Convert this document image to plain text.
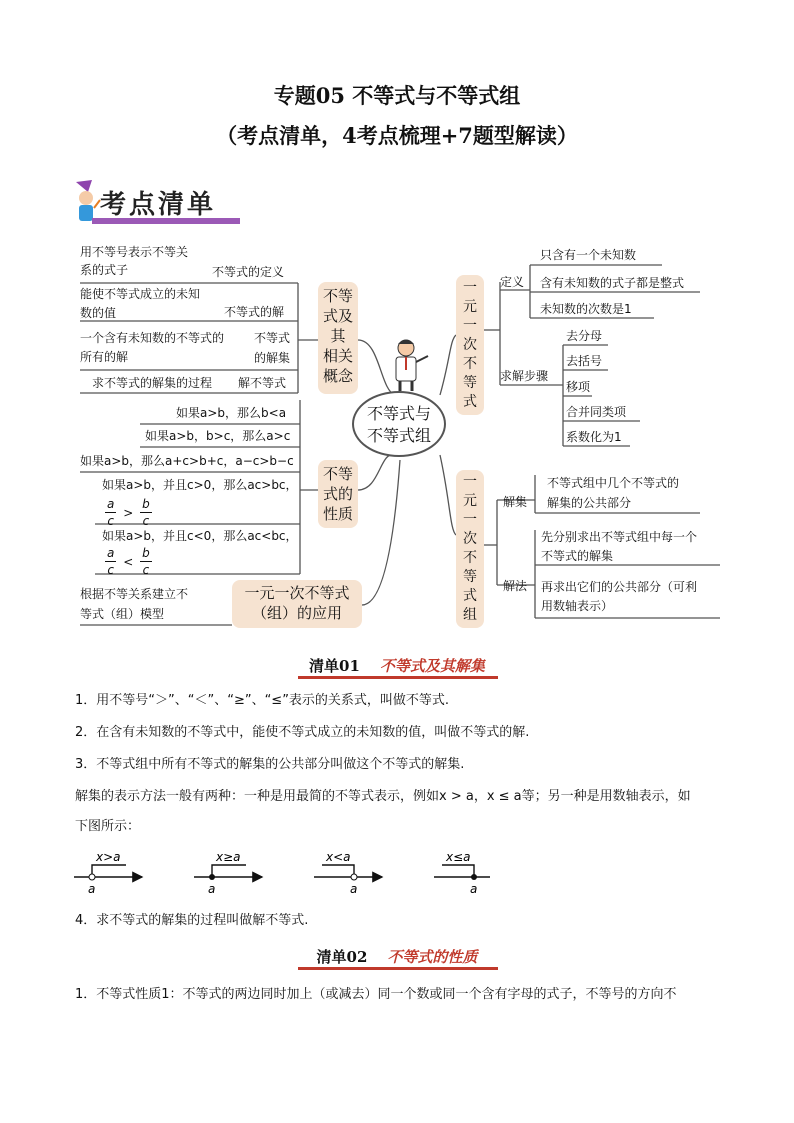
专题05 不等式与不等式组
（考点清单，4考点梳理+7题型解读）
考点清单
用不等号表示不等关
系的式子	不等式的定义
能使不等式成立的未知
数的值	不等式的解
一个含有未知数的不等式的
所有的解
不等式
的解集
求不等式的解集的过程 解不等式
不等
式及
其
相关
概念
如果a>b，那么b<a
如果a>b，b>c，那么a>c
如果a>b，那么a+c>b+c，a−c>b−c
如果a>b，并且c>0，那么ac>bc，
$\frac{a}{c} > \frac{b}{c}$
如果a>b，并且c<0，那么ac<bc，
$\frac{a}{c} < \frac{b}{c}$
不等
式的
性质
根据不等关系建立不
等式（组）模型
一元一次不等式
（组）的应用
不等式与
不等式组
一
元
一
次
不
等
式
定义
只含有一个未知数
含有未知数的式子都是整式
未知数的次数是1
求解步骤
去分母
去括号
移项
合并同类项
系数化为1
一
元
一
次
不
等
式
组
解集
不等式组中几个不等式的
解集的公共部分
解法
先分别求出不等式组中每一个
不等式的解集
再求出它们的公共部分（可利
用数轴表示）
清单01 不等式及其解集
1．用不等号“＞”、“＜”、“≥”、“≤”表示的关系式，叫做不等式.
2．在含有未知数的不等式中，能使不等式成立的未知数的值，叫做不等式的解.
3．不等式组中所有不等式的解集的公共部分叫做这个不等式的解集.
解集的表示方法一般有两种：一种是用最简的不等式表示，例如x > a，x ≤ a等；另一种是用数轴表示，如
下图所示：
x>a	x≥a	x<a	x≤a
a	a	a	a
4．求不等式的解集的过程叫做解不等式.
清单02 不等式的性质
1．不等式性质1：不等式的两边同时加上（或减去）同一个数或同一个含有字母的式子，不等号的方向不
